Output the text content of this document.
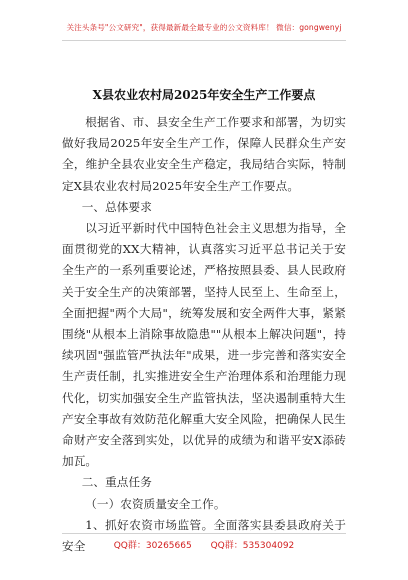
关注头条号"公文研究"，获得最新最全最专业的公文资料库！ 微信：gongwenyj
X县农业农村局2025年安全生产工作要点

根据省、市、县安全生产工作要求和部署，为切实做好我局2025年安全生产工作，保障人民群众生产安全，维护全县农业安全生产稳定，我局结合实际，特制定X县农业农村局2025年安全生产工作要点。

一、总体要求

以习近平新时代中国特色社会主义思想为指导，全面贯彻党的XX大精神，认真落实习近平总书记关于安全生产的一系列重要论述，严格按照县委、县人民政府关于安全生产的决策部署，坚持人民至上、生命至上，全面把握"两个大局"，统筹发展和安全两件大事，紧紧围绕"从根本上消除事故隐患""从根本上解决问题"，持续巩固"强监管严执法年"成果，进一步完善和落实安全生产责任制，扎实推进安全生产治理体系和治理能力现代化，切实加强安全生产监管执法，坚决遏制重特大生产安全事故有效防范化解重大安全风险，把确保人民生命财产安全落到实处，以优异的成绩为和谐平安X添砖加瓦。

二、重点任务

（一）农资质量安全工作。

1、抓好农资市场监管。全面落实县委县政府关于安全	QQ群：30265665 QQ群：535304092
